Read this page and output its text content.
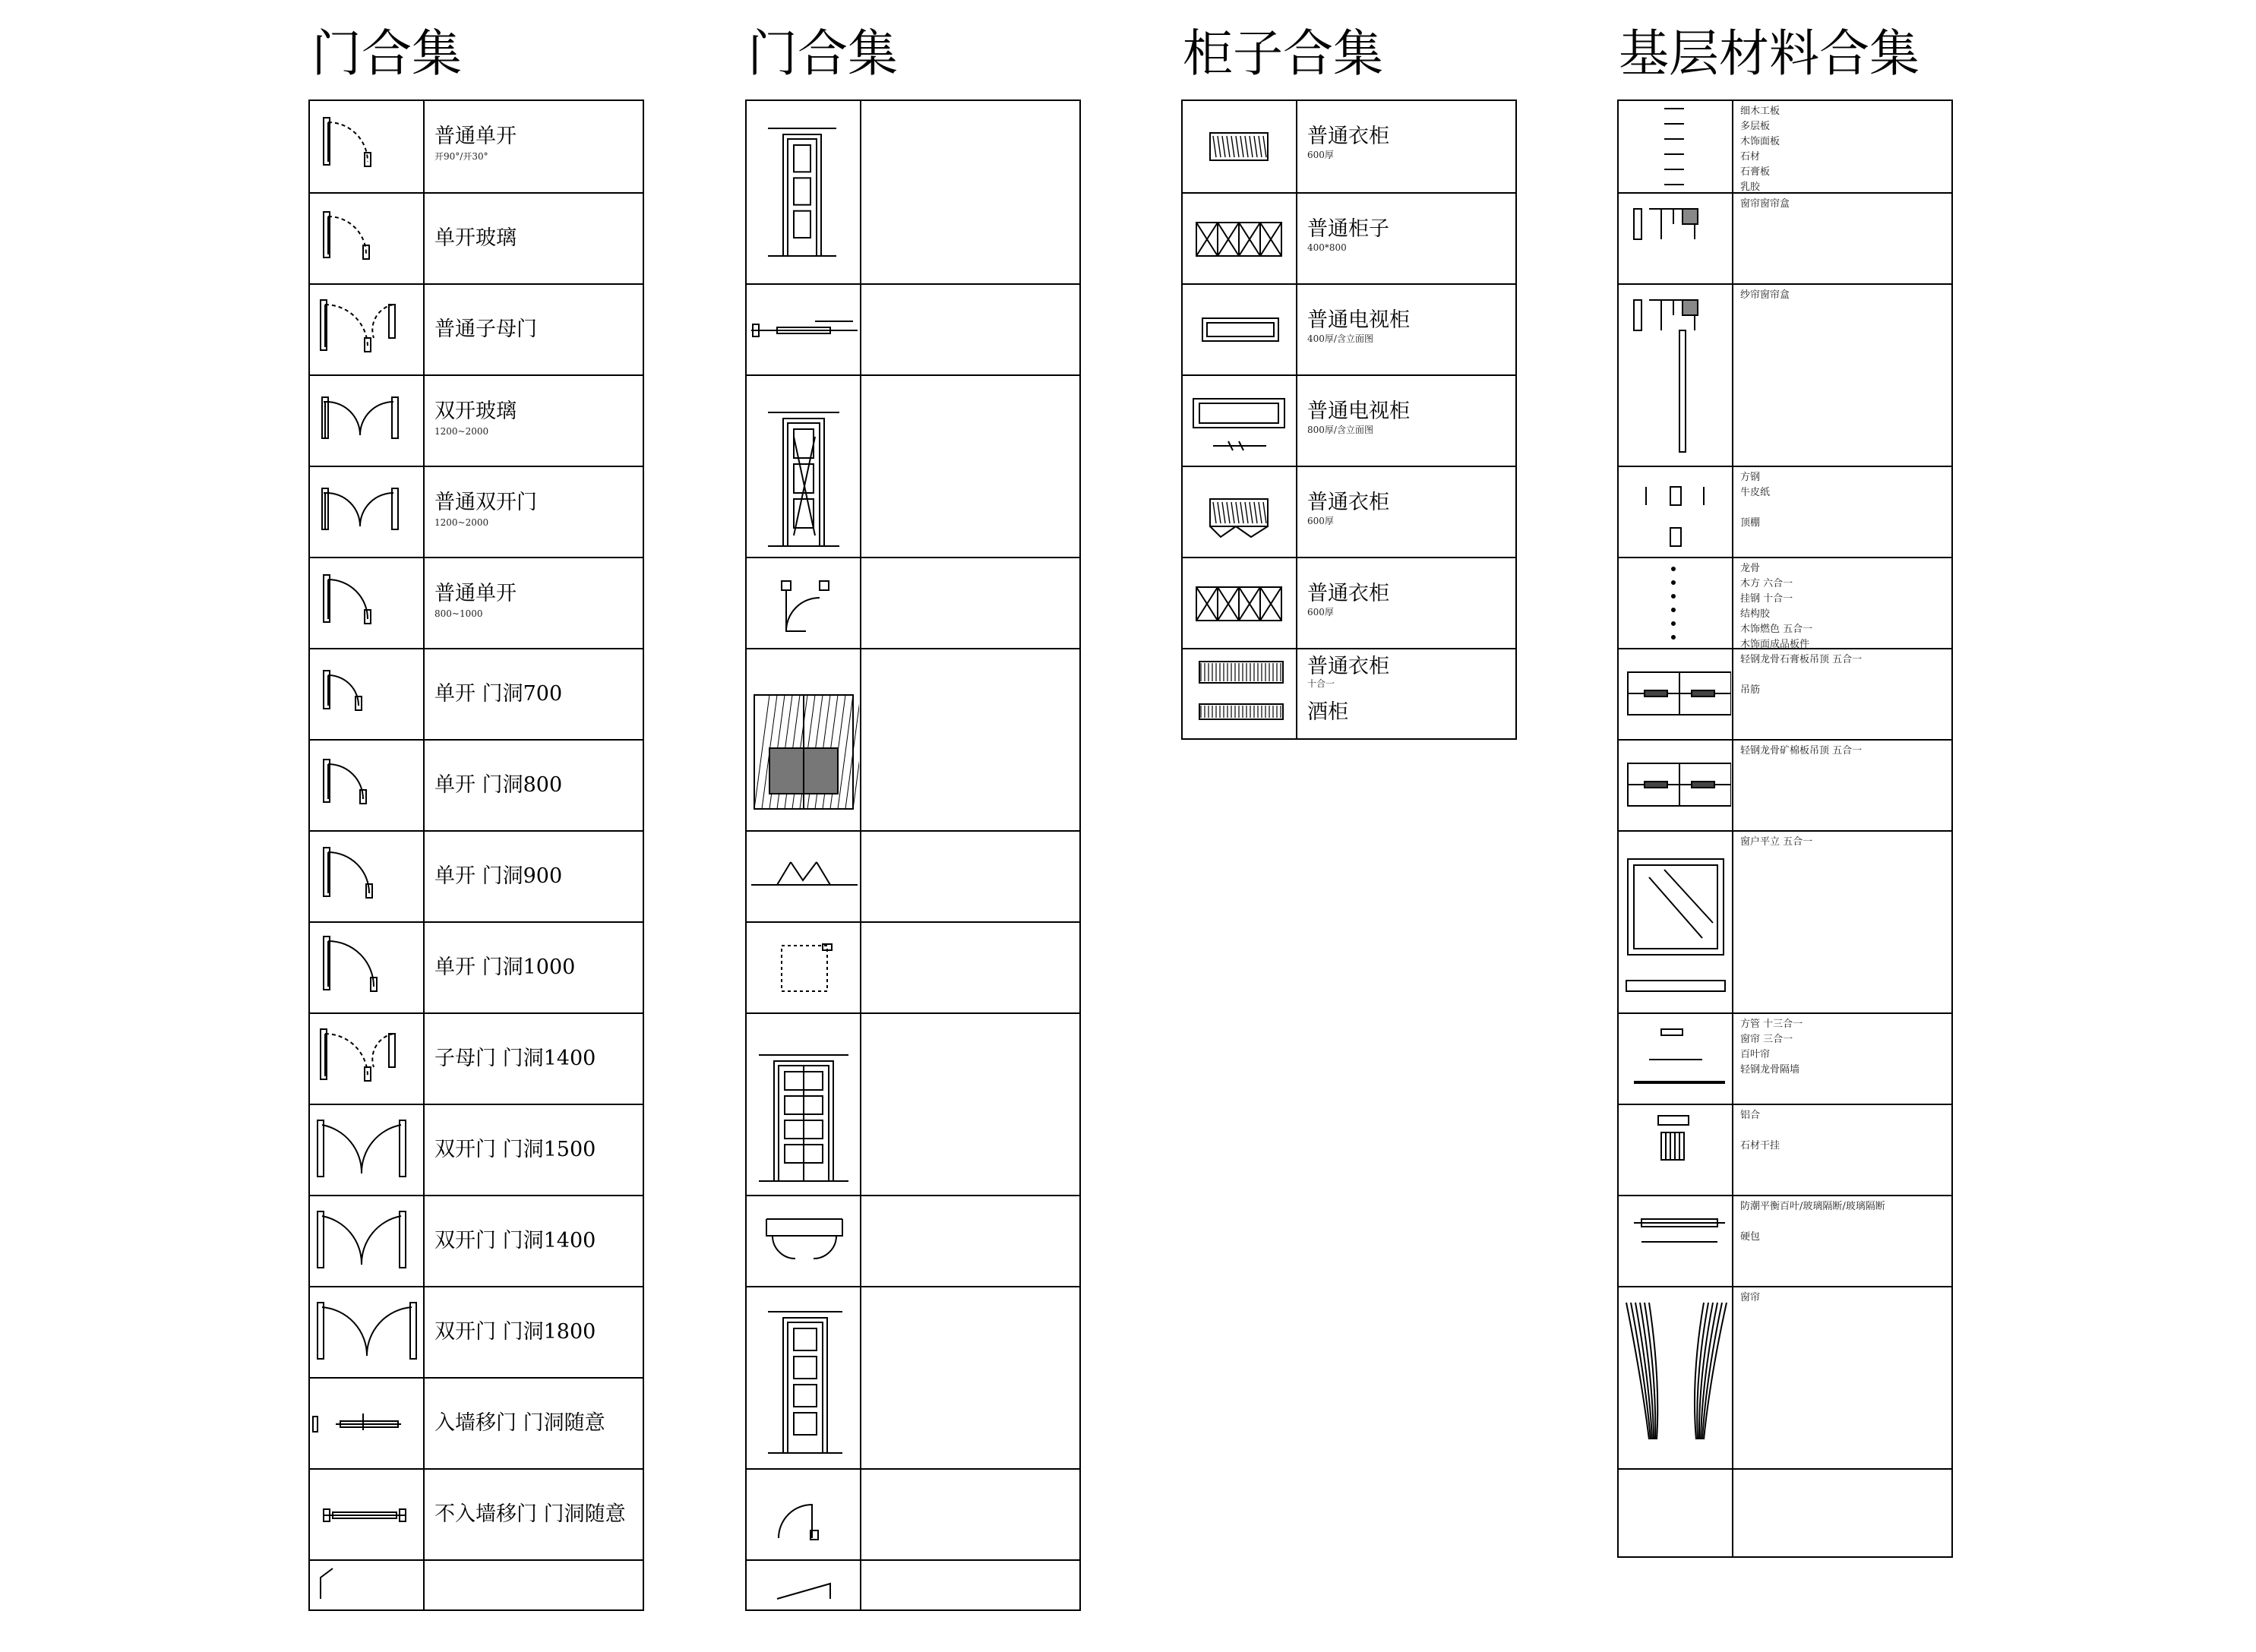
门合集
普通单开
开90°/开30°
单开玻璃
普通子母门
双开玻璃
1200~2000
普通双开门
1200~2000
普通单开
800~1000
单开 门洞700
单开 门洞800
单开 门洞900
单开 门洞1000
子母门 门洞1400
双开门 门洞1500
双开门 门洞1400
双开门 门洞1800
入墙移门 门洞随意
不入墙移门 门洞随意
门合集	柜子合集
普通衣柜
600厚
普通柜子
400*800
普通电视柜
400厚/含立面图
普通电视柜
800厚/含立面图
普通衣柜
600厚
普通衣柜
600厚
普通衣柜
十合一
酒柜
基层材料合集
细木工板
多层板
木饰面板
石材
石膏板
乳胶
窗帘窗帘盒
纱帘窗帘盒
方钢
牛皮纸
顶棚
龙骨
木方 六合一
挂钢 十合一
结构胶
木饰燃色 五合一
木饰面成品板件
轻钢龙骨石膏板吊顶 五合一
吊筋
轻钢龙骨矿棉板吊顶 五合一
窗户平立 五合一
方管 十三合一
窗帘 三合一
百叶帘
轻钢龙骨隔墙
铝合
石材干挂
防潮平衡百叶/玻璃隔断/玻璃隔断
硬包
窗帘
